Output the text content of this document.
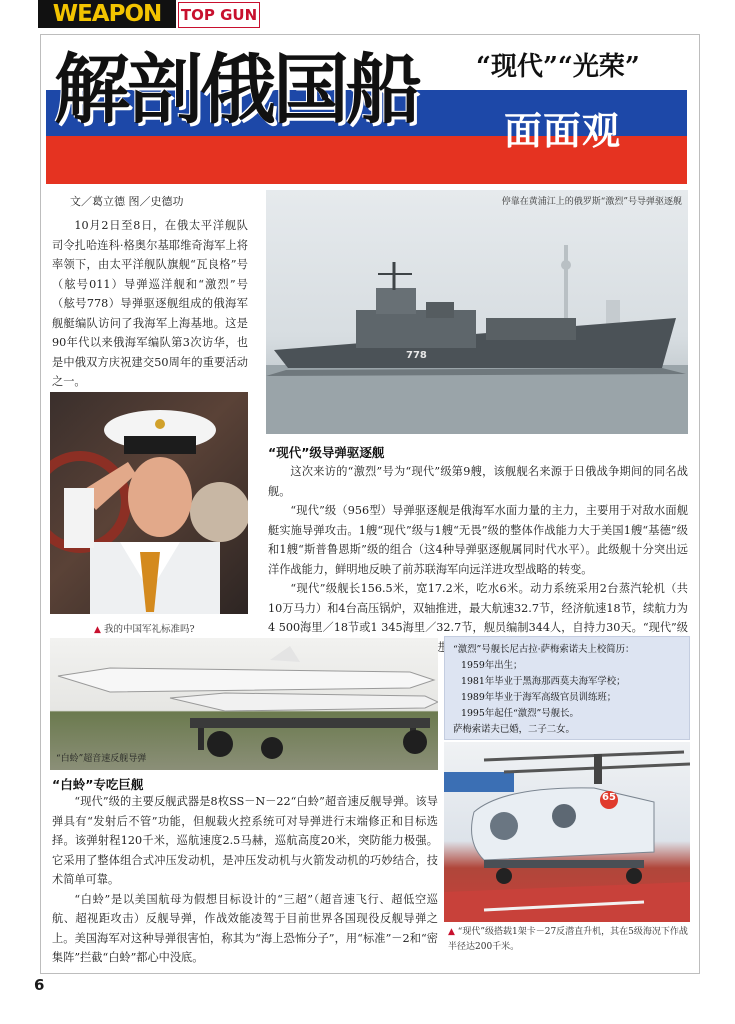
WEAPON	TOP GUN
解剖俄国船 “现代”“光荣”
面面观
文／葛立德 图／史德功
10月2日至8日，在俄太平洋舰队司令扎哈连科·格奥尔基耶维奇海军上将率领下，由太平洋舰队旗舰“瓦良格”号（舷号011）导弹巡洋舰和“激烈”号（舷号778）导弹驱逐舰组成的俄海军舰艇编队访问了我海军上海基地。这是90年代以来俄海军编队第3次访华，也是中俄双方庆祝建交50周年的重要活动之一。
停靠在黄浦江上的俄罗斯“激烈”号导弹驱逐舰
778
▲ 我的中国军礼标准吗?
“现代”级导弹驱逐舰

这次来访的“激烈”号为“现代”级第9艘，该舰舰名来源于日俄战争期间的同名战舰。

“现代”级（956型）导弹驱逐舰是俄海军水面力量的主力，主要用于对敌水面舰艇实施导弹攻击。1艘“现代”级与1艘“无畏”级的整体作战能力大于美国1艘“基德”级和1艘“斯普鲁恩斯”级的组合（这4种导弹驱逐舰属同时代水平）。此级舰十分突出远洋作战能力，鲜明地反映了前苏联海军向远洋进攻型战略的转变。

“现代”级舰长156.5米，宽17.2米，吃水6米。动力系统采用2台蒸汽轮机（共10万马力）和4台高压锅炉，双轴推进，最大航速32.7节，经济航速18节，续航力为4 500海里／18节或1 345海里／32.7节，舰员编制344人，自持力30天。“现代”级 进

“白蛉”超音速反舰导弹
“白蛉”专吃巨舰

“现代”级的主要反舰武器是8枚SS－N－22“白蛉”超音速反舰导弹。该导弹具有“发射后不管”功能，但舰载火控系统可对导弹进行末端修正和目标选择。该弹射程120千米，巡航速度2.5马赫，巡航高度20米，突防能力极强。它采用了整体组合式冲压发动机，是冲压发动机与火箭发动机的巧妙结合，技术简单可靠。

“白蛉”是以美国航母为假想目标设计的“三超”（超音速飞行、超低空巡航、超视距攻击）反舰导弹，作战效能凌驾于目前世界各国现役反舰导弹之上。美国海军对这种导弹很害怕，称其为“海上恐怖分子”，用“标准”－2和“密集阵”拦截“白蛉”都心中没底。

“激烈”号舰长尼古拉·萨梅索诺夫上校简历：
1959年出生；
1981年毕业于黑海那西莫夫海军学校；
1989年毕业于海军高级官员训练班；
1995年起任“激烈”号舰长。
萨梅索诺夫已婚，二子二女。
65
▲ “现代”级搭载1架卡－27反潜直升机，其在5级海况下作战半径达200千米。
6
